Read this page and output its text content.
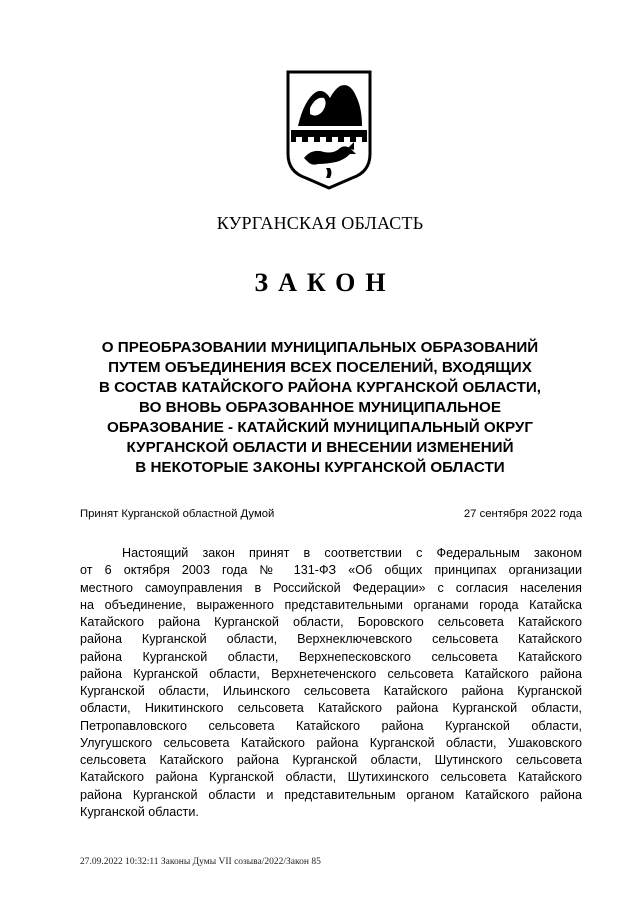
КУРГАНСКАЯ ОБЛАСТЬ
ЗАКОН
О ПРЕОБРАЗОВАНИИ МУНИЦИПАЛЬНЫХ ОБРАЗОВАНИЙ
ПУТЕМ ОБЪЕДИНЕНИЯ ВСЕХ ПОСЕЛЕНИЙ, ВХОДЯЩИХ
В СОСТАВ КАТАЙСКОГО РАЙОНА КУРГАНСКОЙ ОБЛАСТИ,
ВО ВНОВЬ ОБРАЗОВАННОЕ МУНИЦИПАЛЬНОЕ
ОБРАЗОВАНИЕ - КАТАЙСКИЙ МУНИЦИПАЛЬНЫЙ ОКРУГ
КУРГАНСКОЙ ОБЛАСТИ И ВНЕСЕНИИ ИЗМЕНЕНИЙ
В НЕКОТОРЫЕ ЗАКОНЫ КУРГАНСКОЙ ОБЛАСТИ
Принят Курганской областной Думой	27 сентября 2022 года
Настоящий закон принят в соответствии с Федеральным законом
от 6 октября 2003 года № 131-ФЗ «Об общих принципах организации
местного самоуправления в Российской Федерации» с согласия населения
на объединение, выраженного представительными органами города Катайска
Катайского района Курганской области, Боровского сельсовета Катайского
района Курганской области, Верхнеключевского сельсовета Катайского
района Курганской области, Верхнепесковского сельсовета Катайского
района Курганской области, Верхнетеченского сельсовета Катайского района
Курганской области, Ильинского сельсовета Катайского района Курганской
области, Никитинского сельсовета Катайского района Курганской области,
Петропавловского сельсовета Катайского района Курганской области,
Улугушского сельсовета Катайского района Курганской области, Ушаковского
сельсовета Катайского района Курганской области, Шутинского сельсовета
Катайского района Курганской области, Шутихинского сельсовета Катайского
района Курганской области и представительным органом Катайского района
Курганской области.
27.09.2022 10:32:11 Законы Думы VII созыва/2022/Закон 85
